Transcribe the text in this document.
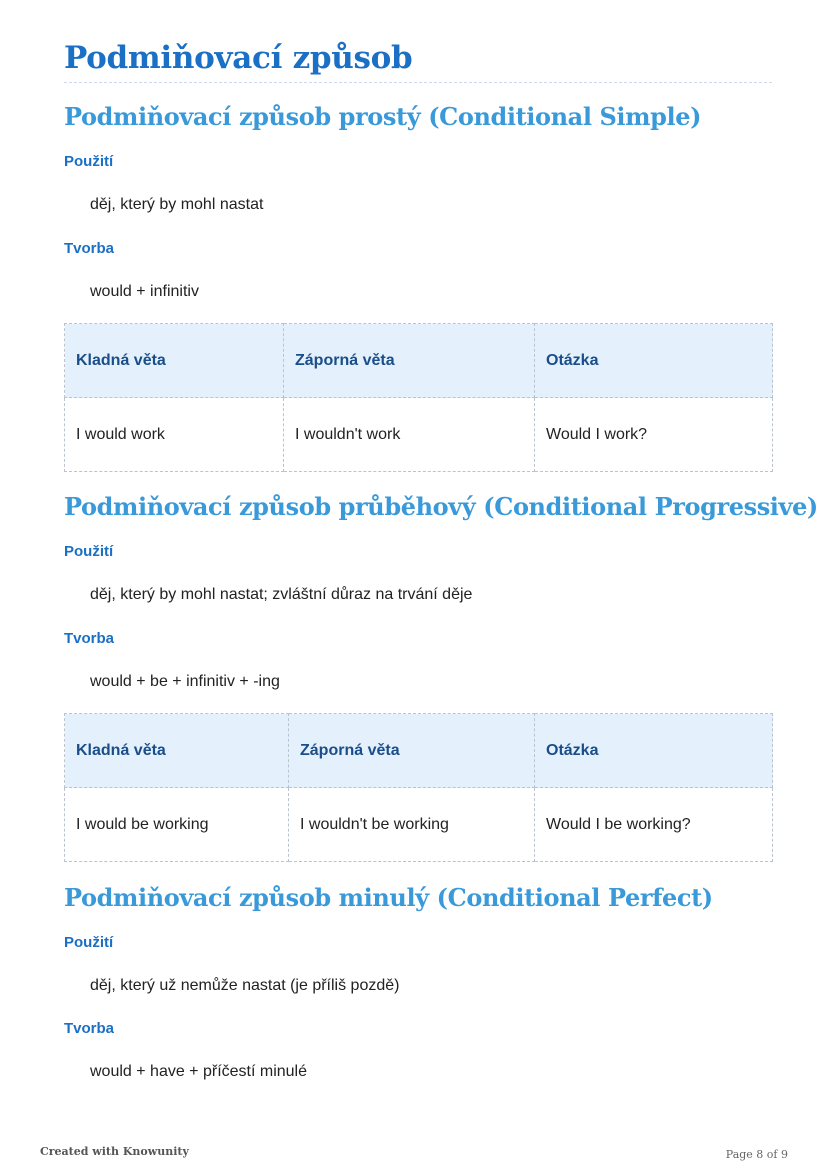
Podmiňovací způsob
Podmiňovací způsob prostý (Conditional Simple)
Použití
děj, který by mohl nastat
Tvorba
would + infinitiv
Kladná věta	Záporná věta	Otázka
I would work	I wouldn't work	Would I work?
Podmiňovací způsob průběhový (Conditional Progressive)
Použití
děj, který by mohl nastat; zvláštní důraz na trvání děje
Tvorba
would + be + infinitiv + -ing
Kladná věta	Záporná věta	Otázka
I would be working	I wouldn't be working	Would I be working?
Podmiňovací způsob minulý (Conditional Perfect)
Použití
děj, který už nemůže nastat (je příliš pozdě)
Tvorba
would + have + příčestí minulé
Created with Knowunity	Page 8 of 9
